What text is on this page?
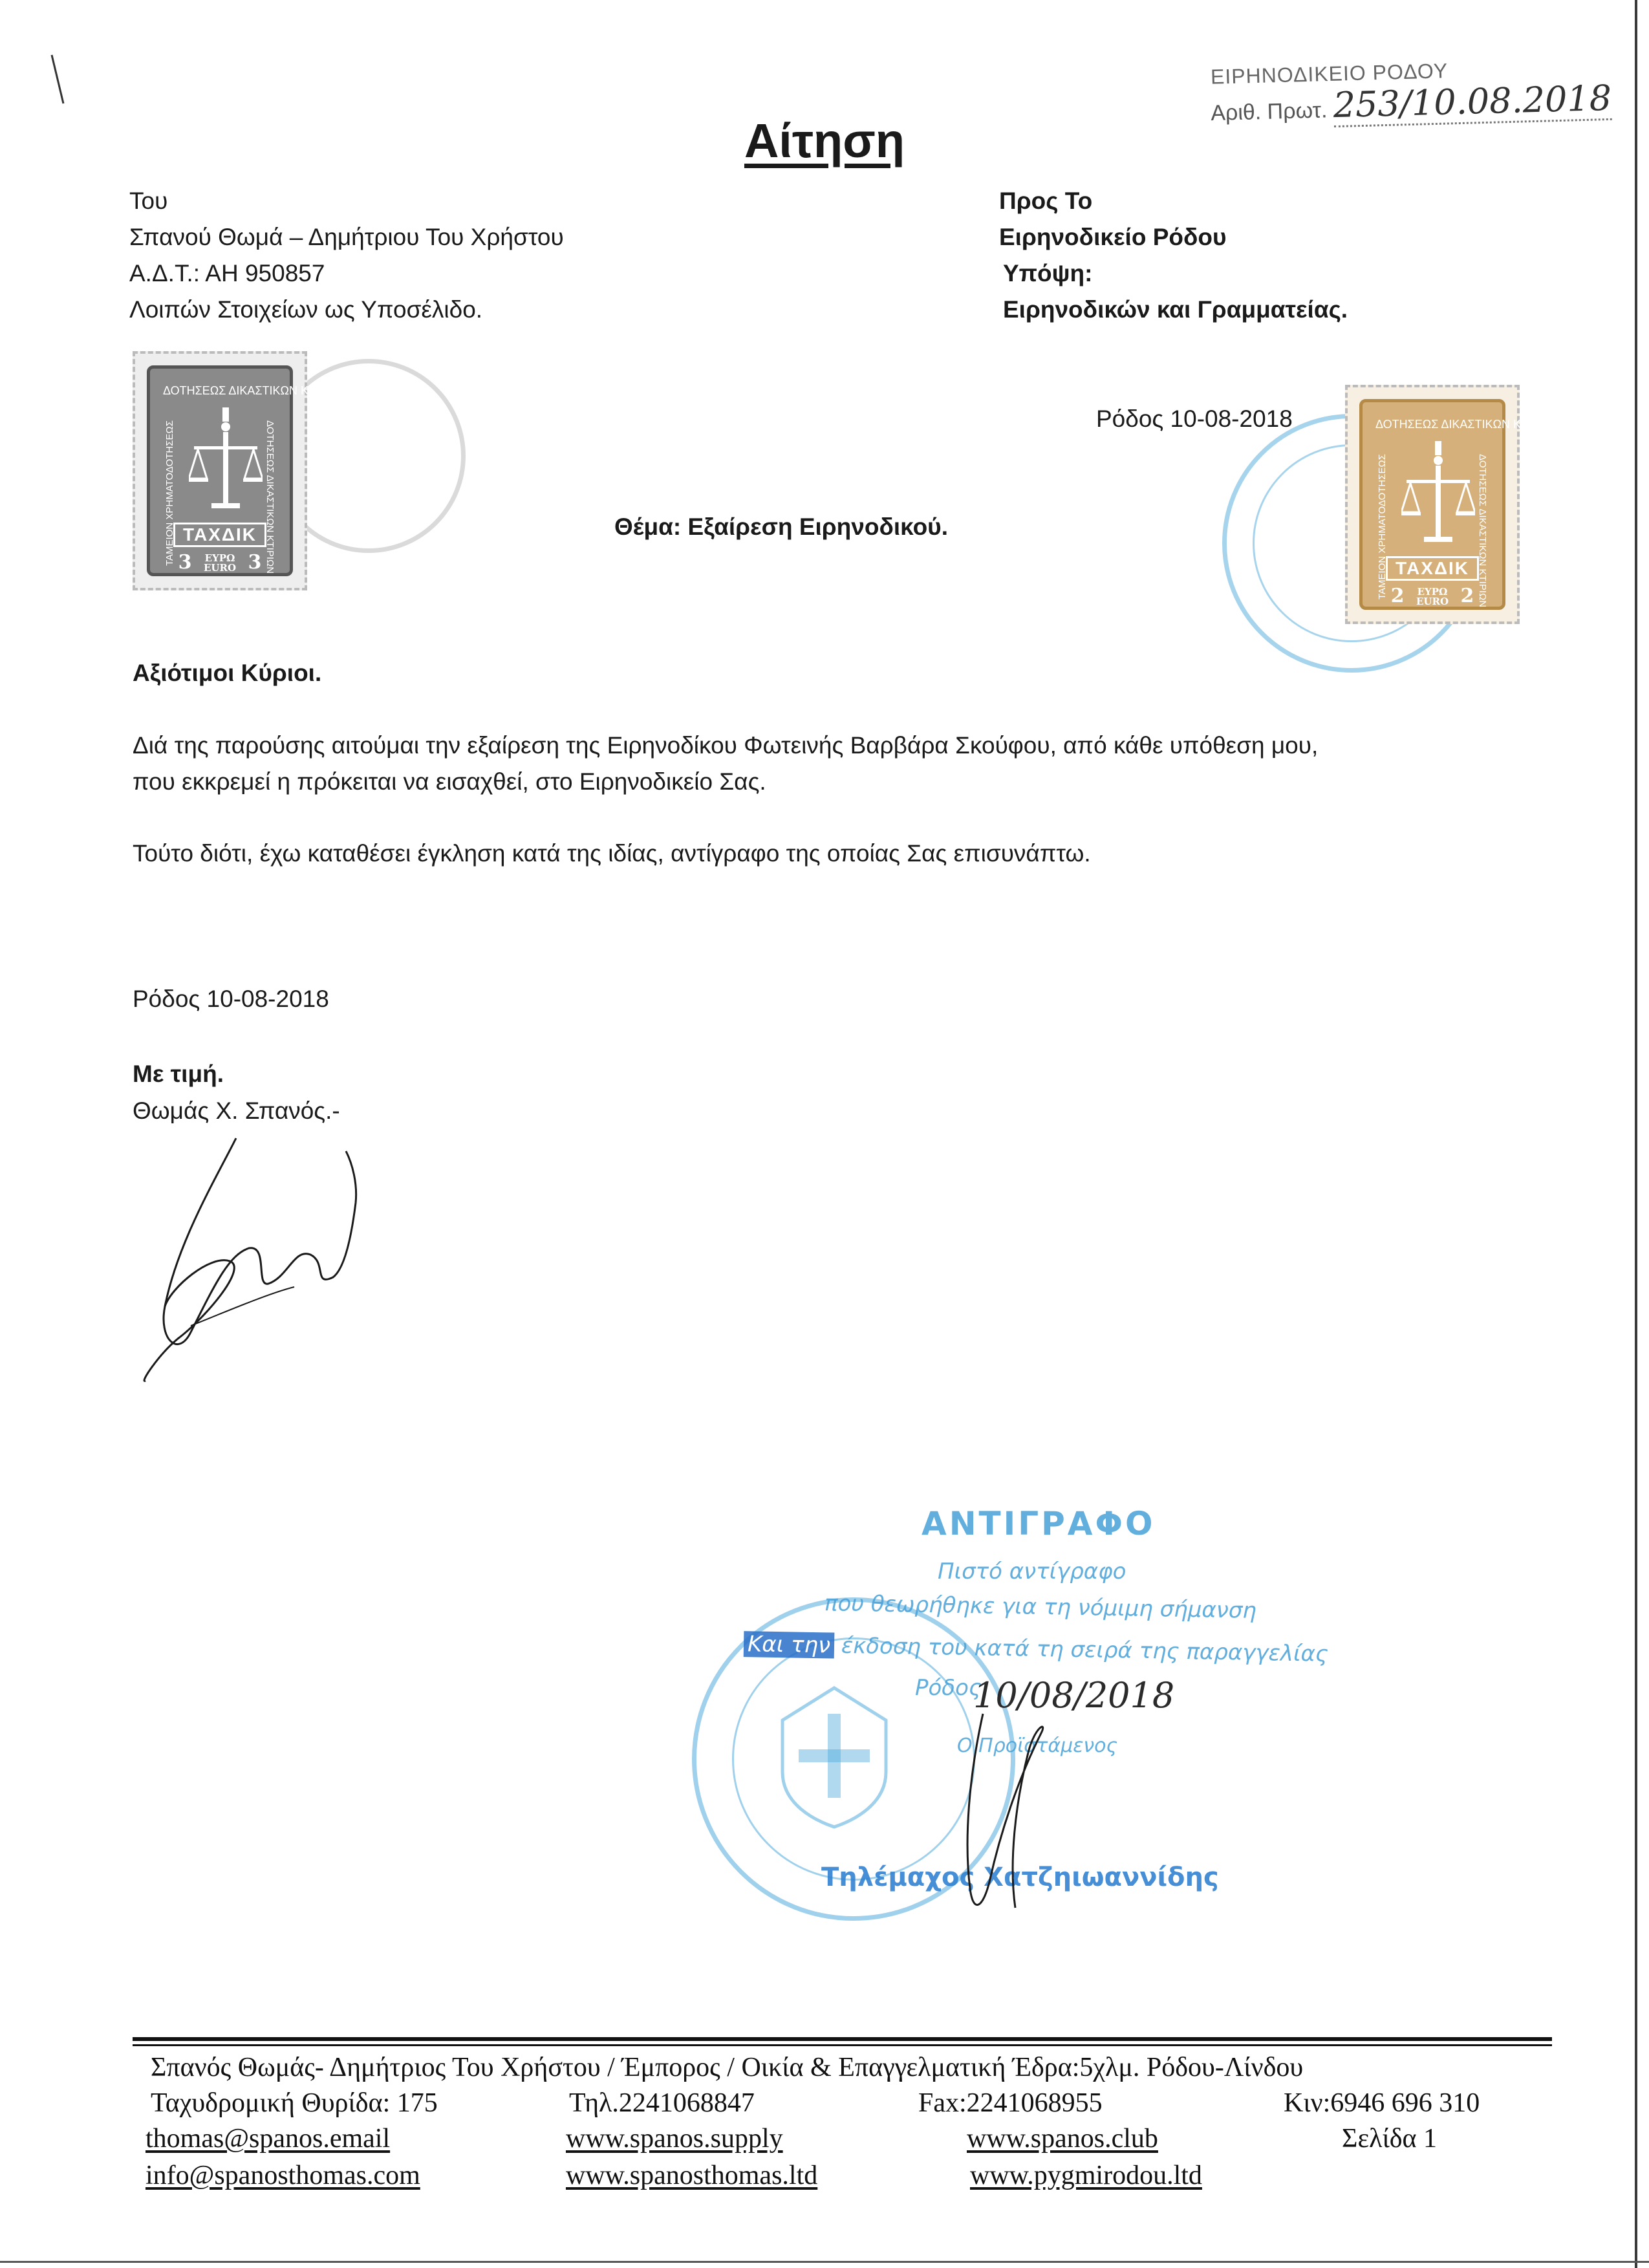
ΕΙΡΗΝΟΔΙΚΕΙΟ ΡΟΔΟΥ
Αριθ. Πρωτ. 253/10.08.2018
Αίτηση
Του
Σπανού Θωμά – Δημήτριου Του Χρήστου
Α.Δ.Τ.: ΑΗ 950857
Λοιπών Στοιχείων ως Υποσέλιδο.
Προς Το
Ειρηνοδικείο Ρόδου
Υπόψη:
Ειρηνοδικών και Γραμματείας.
ΔΟΤΗΣΕΩΣ ΔΙΚΑΣΤΙΚΩΝ ΚΤΙΡΙΩΝ
ΤΑΜΕΙΟΝ ΧΡΗΜΑΤΟΔΟΤΗΣΕΩΣ	ΔΟΤΗΣΕΩΣ ΔΙΚΑΣΤΙΚΩΝ ΚΤΙΡΙΩΝ
ΤΑΧΔΙΚ
3 ΕΥΡΩ
EURO 3
Ρόδος 10-08-2018	ΔΟΤΗΣΕΩΣ ΔΙΚΑΣΤΙΚΩΝ ΚΤΙΡΙΩΝ
ΤΑΜΕΙΟΝ ΧΡΗΜΑΤΟΔΟΤΗΣΕΩΣ	ΔΟΤΗΣΕΩΣ ΔΙΚΑΣΤΙΚΩΝ ΚΤΙΡΙΩΝ
ΤΑΧΔΙΚ
2 ΕΥΡΩ
EURO 2
Θέμα: Εξαίρεση Ειρηνοδικού.
Αξιότιμοι Κύριοι.
Διά της παρούσης αιτούμαι την εξαίρεση της Ειρηνοδίκου Φωτεινής Βαρβάρα Σκούφου, από κάθε υπόθεση μου,
που εκκρεμεί η πρόκειται να εισαχθεί, στο Ειρηνοδικείο Σας.
Τούτο διότι, έχω καταθέσει έγκληση κατά της ιδίας, αντίγραφο της οποίας Σας επισυνάπτω.
Ρόδος 10-08-2018
Με τιμή.
Θωμάς Χ. Σπανός.-
ΑΝΤΙΓΡΑΦΟ
Πιστό αντίγραφο
που θεωρήθηκε για τη νόμιμη σήμανση
Και την έκδοση του κατά τη σειρά της παραγγελίας
Ρόδος
10/08/2018
Ο Προϊστάμενος
Τηλέμαχος Χατζηιωαννίδης
Σπανός Θωμάς- Δημήτριος Του Χρήστου / Έμπορος / Οικία & Επαγγελματική Έδρα:5χλμ. Ρόδου-Λίνδου
Ταχυδρομική Θυρίδα: 175	Τηλ.2241068847	Fax:2241068955	Κιν:6946 696 310
thomas@spanos.email	www.spanos.supply	www.spanos.club	Σελίδα 1
info@spanosthomas.com	www.spanosthomas.ltd	www.pygmirodou.ltd
